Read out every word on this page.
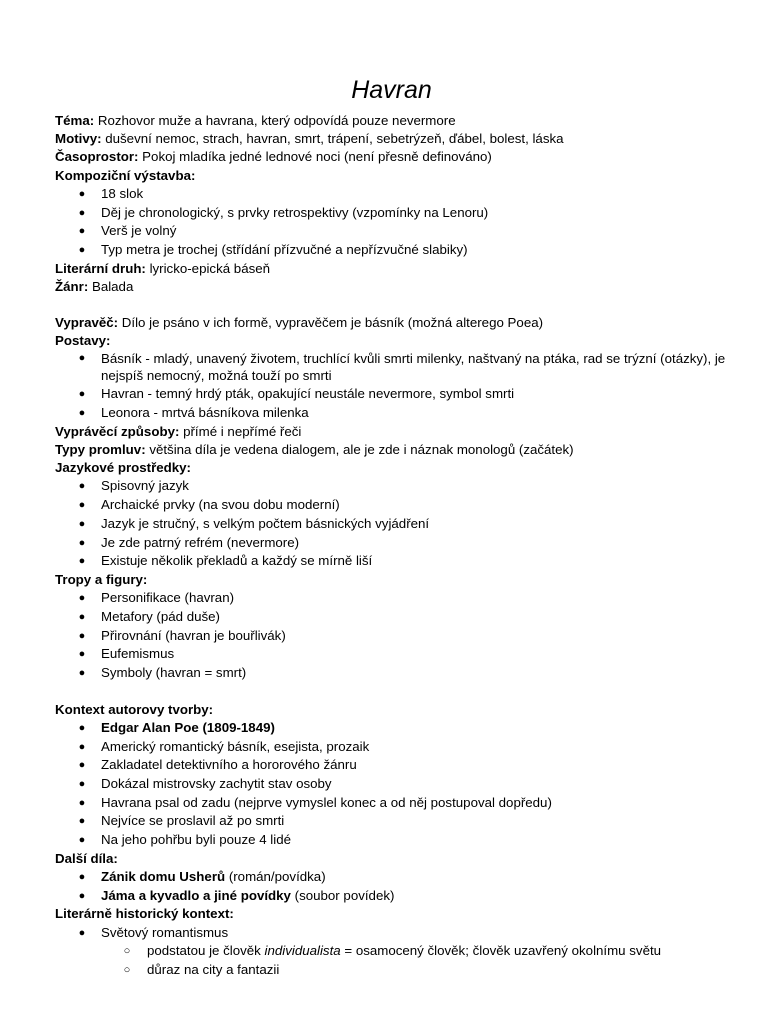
Havran

Téma: Rozhovor muže a havrana, který odpovídá pouze nevermore

Motivy: duševní nemoc, strach, havran, smrt, trápení, sebetrýzeň, ďábel, bolest, láska

Časoprostor: Pokoj mladíka jedné lednové noci (není přesně definováno)

Kompoziční výstavba:

● 18 slok
● Děj je chronologický, s prvky retrospektivy (vzpomínky na Lenoru)
● Verš je volný
● Typ metra je trochej (střídání přízvučné a nepřízvučné slabiky)

Literární druh: lyricko-epická báseň

Žánr: Balada

Vypravěč: Dílo je psáno v ich formě, vypravěčem je básník (možná alterego Poea)

Postavy:

● Básník - mladý, unavený životem, truchlící kvůli smrti milenky, naštvaný na ptáka, rad se trýzní (otázky), je nejspíš nemocný, možná touží po smrti
● Havran - temný hrdý pták, opakující neustále nevermore, symbol smrti
● Leonora - mrtvá básníkova milenka

Vyprávěcí způsoby: přímé i nepřímé řeči

Typy promluv: většina díla je vedena dialogem, ale je zde i náznak monologů (začátek)

Jazykové prostředky:

● Spisovný jazyk
● Archaické prvky (na svou dobu moderní)
● Jazyk je stručný, s velkým počtem básnických vyjádření
● Je zde patrný refrém (nevermore)
● Existuje několik překladů a každý se mírně liší

Tropy a figury:

● Personifikace (havran)
● Metafory (pád duše)
● Přirovnání (havran je bouřlivák)
● Eufemismus
● Symboly (havran = smrt)

Kontext autorovy tvorby:

● Edgar Alan Poe (1809-1849)
● Americký romantický básník, esejista, prozaik
● Zakladatel detektivního a hororového žánru
● Dokázal mistrovsky zachytit stav osoby
● Havrana psal od zadu (nejprve vymyslel konec a od něj postupoval dopředu)
● Nejvíce se proslavil až po smrti
● Na jeho pohřbu byli pouze 4 lidé

Další díla:

● Zánik domu Usherů (román/povídka)
● Jáma a kyvadlo a jiné povídky (soubor povídek)

Literárně historický kontext:

● Světový romantismus
○ podstatou je člověk individualista = osamocený člověk; člověk uzavřený okolnímu světu
○ důraz na city a fantazii
